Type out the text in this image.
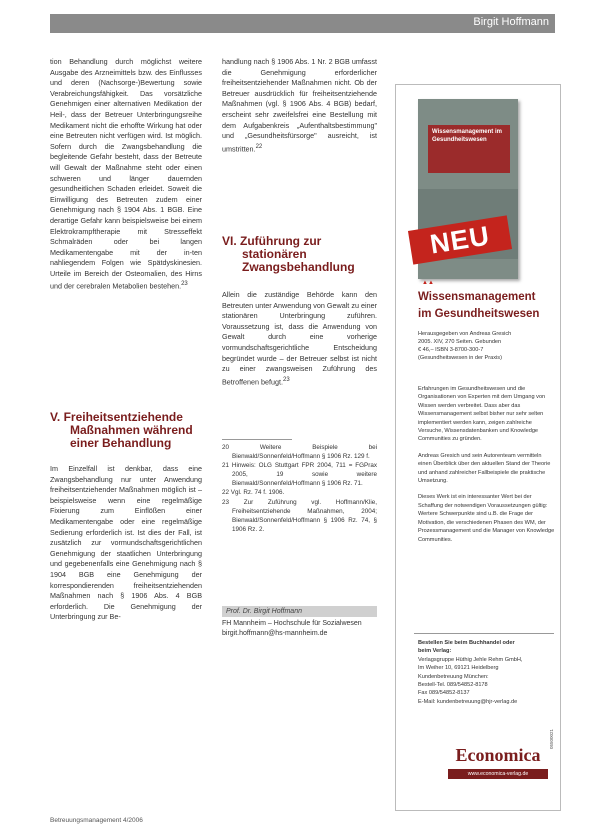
Birgit Hoffmann

tion Behandlung durch möglichst weitere Ausgabe des Arzneimittels bzw. des Einflusses und deren (Nachsorge-)Bewertung sowie Verabreichungsfähigkeit. Das vorsätzliche Genehmigen einer alternativen Medikation der Heil-, dass der Betreuer Unterbringungsreihe Medikament nicht die erhoffte Wirkung hat oder eine Betreuten nicht verfügen wird. Ist möglich. Sofern durch die Zwangsbehandlung die begleitende Gefahr besteht, dass der Betreute will Gewalt der Maßnahme steht oder einen schweren und länger dauernden gesundheitlichen Schaden erleidet. Soweit die Einwilligung des Betreuten zudem einer Genehmigung nach § 1904 Abs. 1 BGB. Eine derartige Gefahr kann beispielsweise bei einem Elektrokrampftherapie mit Stresseffekt Schmalräden oder bei langen Medikamentengabe mit der in-ten nahliegendem Folgen wie Spätdyskinesien. Urteile im Bereich der Osteomalien, des Hirns und der cerebralen Metabolien bestehen.$^{23}$

V. Freiheitsentziehende
Maßnahmen während
einer Behandlung

Im Einzelfall ist denkbar, dass eine Zwangsbehandlung nur unter Anwendung freiheitsentziehender Maßnahmen möglich ist – beispielsweise wenn eine regelmäßige Fixierung zum Einflößen einer Medikamentengabe oder eine regelmäßige Sedierung erforderlich ist. Ist dies der Fall, ist zusätzlich zur vormundschaftsgerichtlichen Genehmigung der staatlichen Unterbringung und gegebenenfalls eine Genehmigung nach § 1904 BGB eine Genehmigung der korrespondierenden freiheitsentziehenden Maßnahmen nach § 1906 Abs. 4 BGB erforderlich. Die Genehmigung der Unterbringung zur Be-

handlung nach § 1906 Abs. 1 Nr. 2 BGB umfasst die Genehmigung erforderlicher freiheitsentziehender Maßnahmen nicht. Ob der Betreuer ausdrücklich für freiheitsentziehende Maßnahmen (vgl. § 1906 Abs. 4 BGB) bedarf, erscheint sehr zweifelsfrei eine Bestellung mit dem Aufgabenkreis „Aufenthaltsbestimmung" und „Gesundheitsfürsorge" ausreicht, ist umstritten.$^{22}$

VI. Zuführung zur
stationären
Zwangsbehandlung

Allein die zuständige Behörde kann den Betreuten unter Anwendung von Gewalt zu einer stationären Unterbringung zuführen. Voraussetzung ist, dass die Anwendung von Gewalt durch eine vorherige vormundschaftsgerichtliche Entscheidung begründet wurde – der Betreuer selbst ist nicht zu einer zwangsweisen Zuführung des Betroffenen befugt.$^{23}$

20 Weitere Beispiele bei Bienwald/Sonnenfeld/Hoffmann § 1906 Rz. 129 f.
21 Hinweis: OLG Stuttgart FPR 2004, 711 = FGPrax 2005, 19 sowie weitere Bienwald/Sonnenfeld/Hoffmann § 1906 Rz. 71.
22 Vgl. Rz. 74 f. 1906.
23 Zur Zuführung vgl. Hoffmann/Klie, Freiheitsentziehende Maßnahmen, 2004; Bienwald/Sonnenfeld/Hoffmann § 1906 Rz. 74, § 1906 Rz. 2.
Prof. Dr. Birgit Hoffmann
FH Mannheim – Hochschule für Sozialwesen
birgit.hoffmann@hs-mannheim.de
Wissensmanagement im Gesundheitswesen
NEU
▲▲
Wissensmanagement
im Gesundheitswesen
Herausgegeben von Andreas Gresich
2005. XIV, 270 Seiten. Gebunden
€ 46,– ISBN 3-8700-300-7
(Gesundheitswesen in der Praxis)

Erfahrungen im Gesundheitswesen und die Organisationen von Experten mit dem Umgang von Wissen werden verbreitet. Dass aber das Wissensmanagement selbst bisher nur sehr selten implementiert werden kann, zeigen zahlreiche Versuche, Wissensdatenbanken und Knowledge Communities zu gründen.

Andreas Gresich und sein Autorenteam vermitteln einen Überblick über den aktuellen Stand der Theorie und anhand zahlreicher Fallbeispiele die praktische Umsetzung.

Dieses Werk ist ein interessanter Wert bei der Schaffung der notwendigen Voraussetzungen gültig: Wertere Schwerpunkte sind u.B. die Frage der Motivation, die verschiedenen Phasen des WM, der Prozessmanagement und die Manager von Knowledge Communities.

Bestellen Sie beim Buchhandel oder
beim Verlag:
Verlagsgruppe Hüthig Jehle Rehm GmbH,
Im Weiher 10, 69121 Heidelberg
Kundenbetreuung München:
Bestell-Tel. 089/54852-8178
Fax 089/54852-8137
E-Mail: kundenbetreuung@hjr-verlag.de
Economica
www.economica-verlag.de
05500021
Betreuungsmanagement 4/2006
